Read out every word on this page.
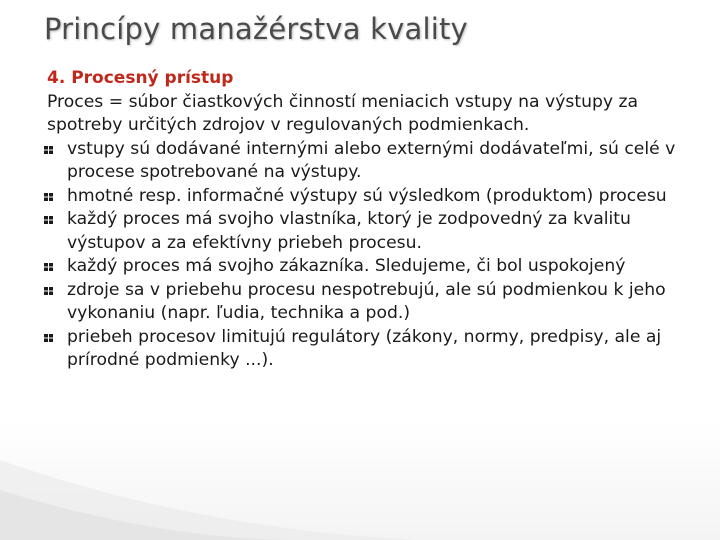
Princípy manažérstva kvality

4. Procesný prístup

Proces = súbor čiastkových činností meniacich vstupy na výstupy za spotreby určitých zdrojov v regulovaných podmienkach.

vstupy sú dodávané internými alebo externými dodávateľmi, sú celé v procese spotrebované na výstupy.
hmotné resp. informačné výstupy sú výsledkom (produktom) procesu
každý proces má svojho vlastníka, ktorý je zodpovedný za kvalitu výstupov a za efektívny priebeh procesu.
každý proces má svojho zákazníka. Sledujeme, či bol uspokojený
zdroje sa v priebehu procesu nespotrebujú, ale sú podmienkou k jeho vykonaniu (napr. ľudia, technika a pod.)
priebeh procesov limitujú regulátory (zákony, normy, predpisy, ale aj prírodné podmienky ...).
